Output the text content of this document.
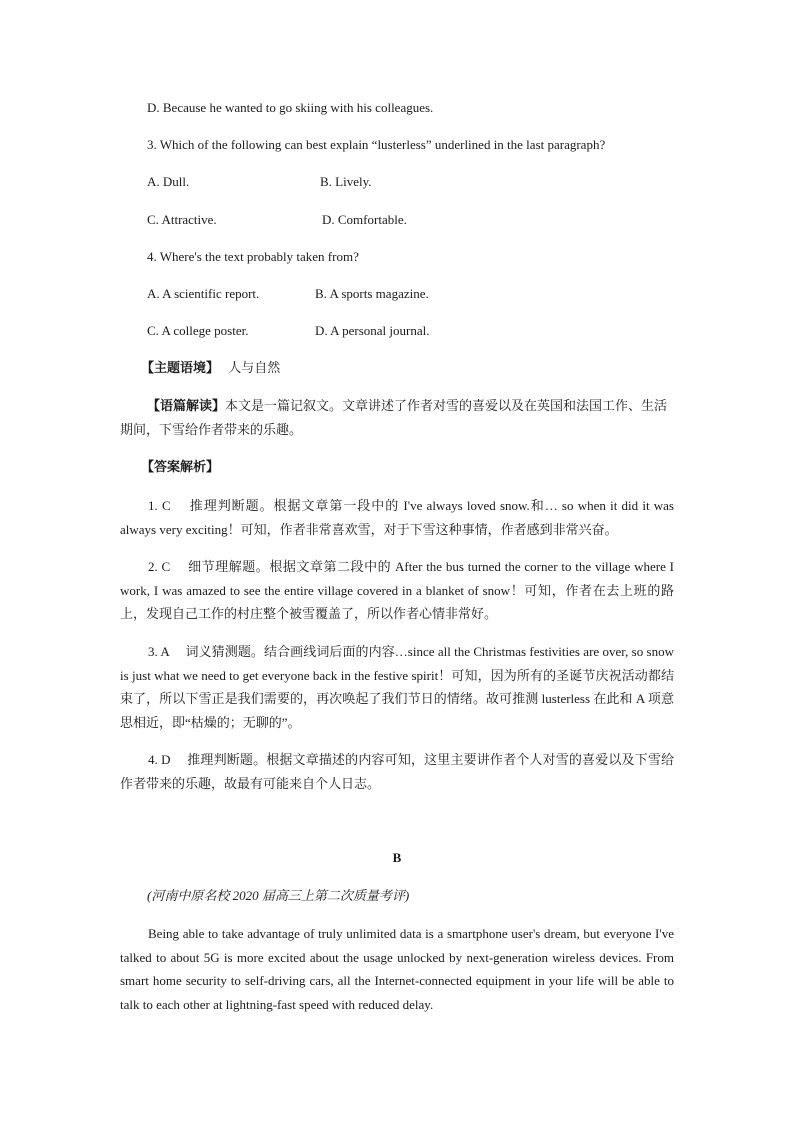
D. Because he wanted to go skiing with his colleagues.
3. Which of the following can best explain “lusterless” underlined in the last paragraph?
A. Dull.	B. Lively.
C. Attractive.	D. Comfortable.
4. Where's the text probably taken from?
A. A scientific report.	B. A sports magazine.
C. A college poster.	D. A personal journal.
【主题语境】 人与自然
【语篇解读】本文是一篇记叙文。文章讲述了作者对雪的喜爱以及在英国和法国工作、生活期间，下雪给作者带来的乐趣。
【答案解析】
1. C　 推理判断题。根据文章第一段中的 I've always loved snow.和… so when it did it was always very exciting！可知，作者非常喜欢雪，对于下雪这种事情，作者感到非常兴奋。
2. C　 细节理解题。根据文章第二段中的 After the bus turned the corner to the village where I work, I was amazed to see the entire village covered in a blanket of snow！可知，作者在去上班的路上，发现自己工作的村庄整个被雪覆盖了，所以作者心情非常好。
3. A　 词义猜测题。结合画线词后面的内容…since all the Christmas festivities are over, so snow is just what we need to get everyone back in the festive spirit！可知，因为所有的圣诞节庆祝活动都结束了，所以下雪正是我们需要的，再次唤起了我们节日的情绪。故可推测 lusterless 在此和 A 项意思相近，即“枯燥的；无聊的”。
4. D　 推理判断题。根据文章描述的内容可知，这里主要讲作者个人对雪的喜爱以及下雪给作者带来的乐趣，故最有可能来自个人日志。
B
(河南中原名校 2020 届高三上第二次质量考评)
Being able to take advantage of truly unlimited data is a smartphone user's dream, but everyone I've talked to about 5G is more excited about the usage unlocked by next-generation wireless devices. From smart home security to self-driving cars, all the Internet-connected equipment in your life will be able to talk to each other at lightning-fast speed with reduced delay.
